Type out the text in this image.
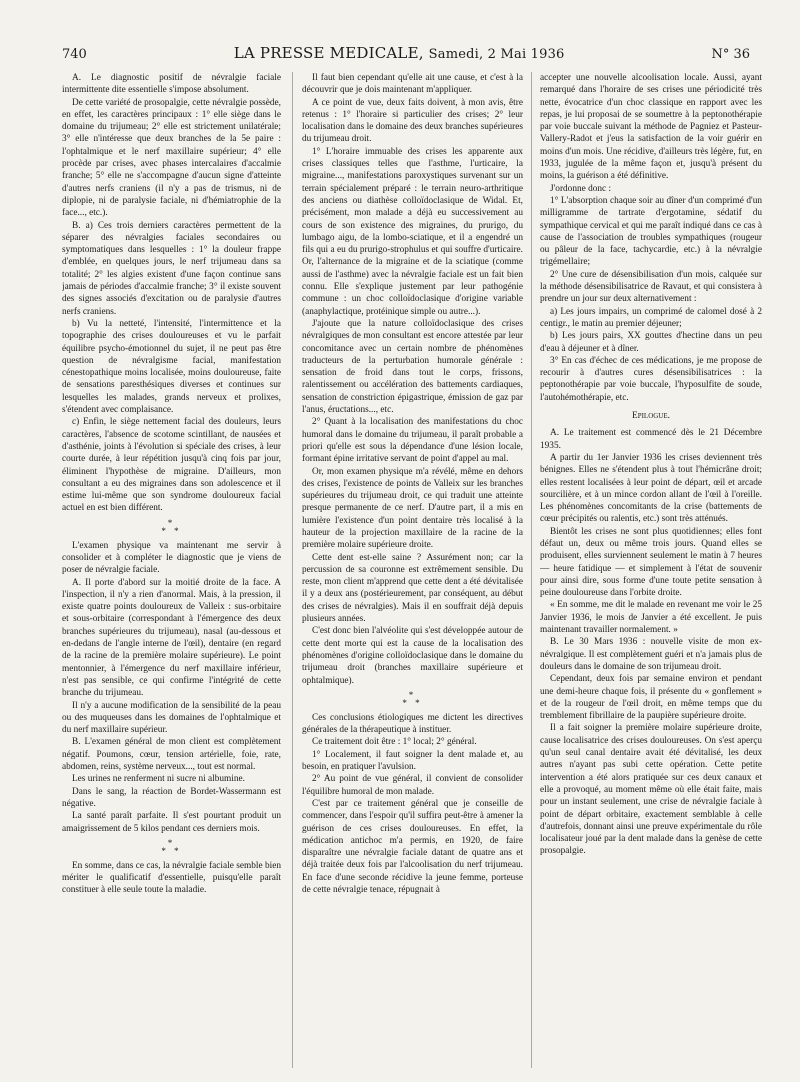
740	LA PRESSE MEDICALE, Samedi, 2 Mai 1936	N° 36

A. Le diagnostic positif de névralgie faciale intermittente dite essentielle s'impose absolument.

De cette variété de prosopalgie, cette névralgie possède, en effet, les caractères principaux : 1° elle siège dans le domaine du trijumeau; 2° elle est strictement unilatérale; 3° elle n'intéresse que deux branches de la 5e paire : l'ophtalmique et le nerf maxillaire supérieur; 4° elle procède par crises, avec phases intercalaires d'accalmie franche; 5° elle ne s'accompagne d'aucun signe d'atteinte d'autres nerfs craniens (il n'y a pas de trismus, ni de diplopie, ni de paralysie faciale, ni d'hémiatrophie de la face..., etc.).

B. a) Ces trois derniers caractères permettent de la séparer des névralgies faciales secondaires ou symptomatiques dans lesquelles : 1° la douleur frappe d'emblée, en quelques jours, le nerf trijumeau dans sa totalité; 2° les algies existent d'une façon continue sans jamais de périodes d'accalmie franche; 3° il existe souvent des signes associés d'excitation ou de paralysie d'autres nerfs craniens.

b) Vu la netteté, l'intensité, l'intermittence et la topographie des crises douloureuses et vu le parfait équilibre psycho-émotionnel du sujet, il ne peut pas être question de névralgisme facial, manifestation cénestopathique moins localisée, moins douloureuse, faite de sensations paresthésiques diverses et continues sur lesquelles les malades, grands nerveux et prolixes, s'étendent avec complaisance.

c) Enfin, le siège nettement facial des douleurs, leurs caractères, l'absence de scotome scintillant, de nausées et d'asthénie, joints à l'évolution si spéciale des crises, à leur courte durée, à leur répétition jusqu'à cinq fois par jour, éliminent l'hypothèse de migraine. D'ailleurs, mon consultant a eu des migraines dans son adolescence et il estime lui-même que son syndrome douloureux facial actuel en est bien différent.

*
* *

L'examen physique va maintenant me servir à consolider et à compléter le diagnostic que je viens de poser de névralgie faciale.

A. Il porte d'abord sur la moitié droite de la face. A l'inspection, il n'y a rien d'anormal. Mais, à la pression, il existe quatre points douloureux de Valleix : sus-orbitaire et sous-orbitaire (correspondant à l'émergence des deux branches supérieures du trijumeau), nasal (au-dessous et en-dedans de l'angle interne de l'œil), dentaire (en regard de la racine de la première molaire supérieure). Le point mentonnier, à l'émergence du nerf maxillaire inférieur, n'est pas sensible, ce qui confirme l'intégrité de cette branche du trijumeau.

Il n'y a aucune modification de la sensibilité de la peau ou des muqueuses dans les domaines de l'ophtalmique et du nerf maxillaire supérieur.

B. L'examen général de mon client est complètement négatif. Poumons, cœur, tension artérielle, foie, rate, abdomen, reins, système nerveux..., tout est normal.

Les urines ne renferment ni sucre ni albumine.

Dans le sang, la réaction de Bordet-Wassermann est négative.

La santé paraît parfaite. Il s'est pourtant produit un amaigrissement de 5 kilos pendant ces derniers mois.

*
* *

En somme, dans ce cas, la névralgie faciale semble bien mériter le qualificatif d'essentielle, puisqu'elle paraît constituer à elle seule toute la maladie.

Il faut bien cependant qu'elle ait une cause, et c'est à la découvrir que je dois maintenant m'appliquer.

A ce point de vue, deux faits doivent, à mon avis, être retenus : 1° l'horaire si particulier des crises; 2° leur localisation dans le domaine des deux branches supérieures du trijumeau droit.

1° L'horaire immuable des crises les apparente aux crises classiques telles que l'asthme, l'urticaire, la migraine..., manifestations paroxystiques survenant sur un terrain spécialement préparé : le terrain neuro-arthritique des anciens ou diathèse colloïdoclasique de Widal. Et, précisément, mon malade a déjà eu successivement au cours de son existence des migraines, du prurigo, du lumbago aigu, de la lombo-sciatique, et il a engendré un fils qui a eu du prurigo-strophulus et qui souffre d'urticaire. Or, l'alternance de la migraine et de la sciatique (comme aussi de l'asthme) avec la névralgie faciale est un fait bien connu. Elle s'explique justement par leur pathogénie commune : un choc colloïdoclasique d'origine variable (anaphylactique, protéinique simple ou autre...).

J'ajoute que la nature colloïdoclasique des crises névralgiques de mon consultant est encore attestée par leur concomitance avec un certain nombre de phénomènes traducteurs de la perturbation humorale générale : sensation de froid dans tout le corps, frissons, ralentissement ou accélération des battements cardiaques, sensation de constriction épigastrique, émission de gaz par l'anus, éructations..., etc.

2° Quant à la localisation des manifestations du choc humoral dans le domaine du trijumeau, il paraît probable a priori qu'elle est sous la dépendance d'une lésion locale, formant épine irritative servant de point d'appel au mal.

Or, mon examen physique m'a révélé, même en dehors des crises, l'existence de points de Valleix sur les branches supérieures du trijumeau droit, ce qui traduit une atteinte presque permanente de ce nerf. D'autre part, il a mis en lumière l'existence d'un point dentaire très localisé à la hauteur de la projection maxillaire de la racine de la première molaire supérieure droite.

Cette dent est-elle saine ? Assurément non; car la percussion de sa couronne est extrêmement sensible. Du reste, mon client m'apprend que cette dent a été dévitalisée il y a deux ans (postérieurement, par conséquent, au début des crises de névralgies). Mais il en souffrait déjà depuis plusieurs années.

C'est donc bien l'alvéolite qui s'est développée autour de cette dent morte qui est la cause de la localisation des phénomènes d'origine colloïdoclasique dans le domaine du trijumeau droit (branches maxillaire supérieure et ophtalmique).

*
* *

Ces conclusions étiologiques me dictent les directives générales de la thérapeutique à instituer.

Ce traitement doit être : 1° local; 2° général.

1° Localement, il faut soigner la dent malade et, au besoin, en pratiquer l'avulsion.

2° Au point de vue général, il convient de consolider l'équilibre humoral de mon malade.

C'est par ce traitement général que je conseille de commencer, dans l'espoir qu'il suffira peut-être à amener la guérison de ces crises douloureuses. En effet, la médication antichoc m'a permis, en 1920, de faire disparaître une névralgie faciale datant de quatre ans et déjà traitée deux fois par l'alcoolisation du nerf trijumeau. En face d'une seconde récidive la jeune femme, porteuse de cette névralgie tenace, répugnait à

accepter une nouvelle alcoolisation locale. Aussi, ayant remarqué dans l'horaire de ses crises une périodicité très nette, évocatrice d'un choc classique en rapport avec les repas, je lui proposai de se soumettre à la peptonothérapie par voie buccale suivant la méthode de Pagniez et Pasteur-Vallery-Radot et j'eus la satisfaction de la voir guérir en moins d'un mois. Une récidive, d'ailleurs très légère, fut, en 1933, jugulée de la même façon et, jusqu'à présent du moins, la guérison a été définitive.

J'ordonne donc :

1° L'absorption chaque soir au dîner d'un comprimé d'un milligramme de tartrate d'ergotamine, sédatif du sympathique cervical et qui me paraît indiqué dans ce cas à cause de l'association de troubles sympathiques (rougeur ou pâleur de la face, tachycardie, etc.) à la névralgie trigémellaire;

2° Une cure de désensibilisation d'un mois, calquée sur la méthode désensibilisatrice de Ravaut, et qui consistera à prendre un jour sur deux alternativement :

a) Les jours impairs, un comprimé de calomel dosé à 2 centigr., le matin au premier déjeuner;

b) Les jours pairs, XX gouttes d'hectine dans un peu d'eau à déjeuner et à dîner.

3° En cas d'échec de ces médications, je me propose de recourir à d'autres cures désensibilisatrices : la peptonothérapie par voie buccale, l'hyposulfite de soude, l'autohémothérapie, etc.

Epilogue.

A. Le traitement est commencé dès le 21 Décembre 1935.

A partir du 1er Janvier 1936 les crises deviennent très bénignes. Elles ne s'étendent plus à tout l'hémicrâne droit; elles restent localisées à leur point de départ, œil et arcade sourcilière, et à un mince cordon allant de l'œil à l'oreille. Les phénomènes concomitants de la crise (battements de cœur précipités ou ralentis, etc.) sont très atténués.

Bientôt les crises ne sont plus quotidiennes; elles font défaut un, deux ou même trois jours. Quand elles se produisent, elles surviennent seulement le matin à 7 heures — heure fatidique — et simplement à l'état de souvenir pour ainsi dire, sous forme d'une toute petite sensation à peine douloureuse dans l'orbite droite.

« En somme, me dit le malade en revenant me voir le 25 Janvier 1936, le mois de Janvier a été excellent. Je puis maintenant travailler normalement. »

B. Le 30 Mars 1936 : nouvelle visite de mon ex-névralgique. Il est complètement guéri et n'a jamais plus de douleurs dans le domaine de son trijumeau droit.

Cependant, deux fois par semaine environ et pendant une demi-heure chaque fois, il présente du « gonflement » et de la rougeur de l'œil droit, en même temps que du tremblement fibrillaire de la paupière supérieure droite.

Il a fait soigner la première molaire supérieure droite, cause localisatrice des crises douloureuses. On s'est aperçu qu'un seul canal dentaire avait été dévitalisé, les deux autres n'ayant pas subi cette opération. Cette petite intervention a été alors pratiquée sur ces deux canaux et elle a provoqué, au moment même où elle était faite, mais pour un instant seulement, une crise de névralgie faciale à point de départ orbitaire, exactement semblable à celle d'autrefois, donnant ainsi une preuve expérimentale du rôle localisateur joué par la dent malade dans la genèse de cette prosopalgie.
